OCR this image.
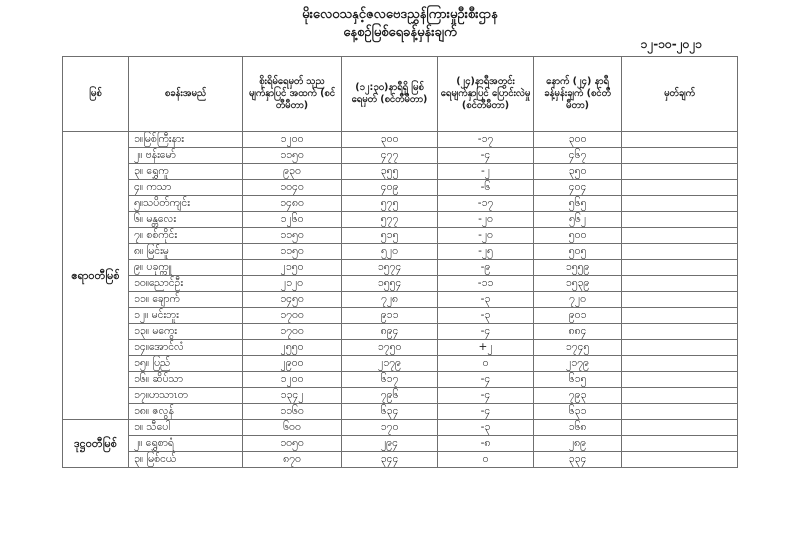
မိုးလေဝသနှင့်ဇလဗေဒညွှန်ကြားမှုဦးစီးဌာန
နေ့စဉ်မြစ်ရေခန့်မှန်းချက်
၁၂-၁၀-၂၀၂၁
မြစ်	စခန်းအမည်	စိုးရိမ်ရေမှတ် သုည မျက်နှာပြင် အထက် (စင်တီမီတာ)	(၁၂:၃၀)နာရီရှိ မြစ်ရေမှတ် (စင်တီမီတာ)	(၂၄)နာရီအတွင်း ရေမျက်နှာပြင် ပြောင်းလဲမှု (စင်တီမီတာ)	နောက် (၂၄) နာရီ ခန့်မှန်းချက် (စင်တီမီတာ)	မှတ်ချက်
ဧရာဝတီမြစ်	၁။မြစ်ကြီးနား	၁၂၀၀	၃၀၀	-၁၇	၃၀၀	
	၂။ ဗန်းမော်	၁၁၅၀	၄၇၇	-၄	၄၆၇	
	၃။ ရွှေကူ	၉၃၀	၃၅၅	-၂	၃၅၀	
	၄။ ကသာ	၁၀၄၀	၄၀၉	-၆	၄၀၄	
	၅။သပိတ်ကျင်း	၁၄၈၀	၅၇၅	-၁၇	၅၆၅	
	၆။ မန္တလေး	၁၂၆၀	၅၇၇	-၂၀	၅၆၂	
	၇။ စစ်ကိုင်း	၁၁၅၀	၅၁၅	-၂၀	၅၀၀	
	၈။ မြင်းမူ	၁၁၅၀	၅၂၀	-၂၅	၅၀၅	
	၉။ ပခုက္ကူ	၂၁၅၀	၁၅၇၄	-၉	၁၅၅၉	
	၁၀။ညောင်ဦး	၂၁၂၀	၁၅၅၄	-၁၁	၁၅၃၉	
	၁၁။ ချောက်	၁၄၅၀	၇၂၈	-၃	၇၂၀	
	၁၂။ မင်းဘူး	၁၇၀၀	၉၁၁	-၃	၉၀၁	
	၁၃။ မကွေး	၁၇၀၀	၈၉၄	-၄	၈၈၄	
	၁၄။အောင်လံ	၂၅၅၀	၁၇၅၀	+၂	၁၇၄၅	
	၁၅။ ပြည်	၂၉၀၀	၂၁၇၉	၀	၂၁၇၉	
	၁၆။ ဆိပ်သာ	၁၂၀၀	၆၁၇	-၄	၆၁၅	
	၁၇။ဟသာၤတ	၁၃၄၂	၇၉၆	-၄	၇၉၃	
	၁၈။ ဇလွန်	၁၁၆၀	၆၃၄	-၄	၆၃၁	
ဒုဋ္ဌဝတီမြစ်	၁။ သီပေါ	၆၀၀	၁၇၀	-၃	၁၆၈	
	၂။ ရွှေစာရံ	၁၀၅၀	၂၉၄	-၈	၂၈၉	
	၃။ မြစ်ငယ်	၈၇၀	၃၄၄	၀	၃၃၄	
